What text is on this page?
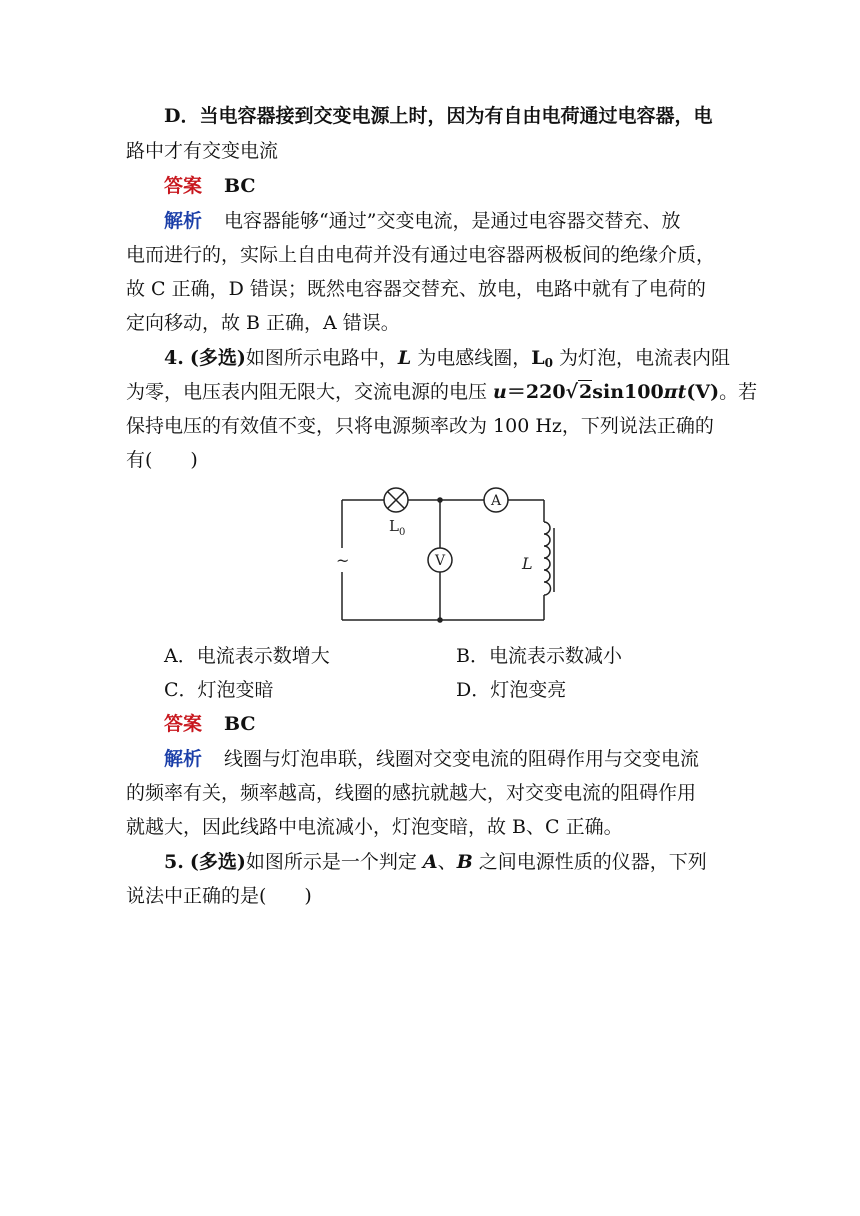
D．当电容器接到交变电源上时，因为有自由电荷通过电容器，电
路中才有交变电流
答案 BC
解析 电容器能够“通过”交变电流，是通过电容器交替充、放
电而进行的，实际上自由电荷并没有通过电容器两极板间的绝缘介质，
故 C 正确，D 错误；既然电容器交替充、放电，电路中就有了电荷的
定向移动，故 B 正确，A 错误。
4. (多选)如图所示电路中，L 为电感线圈，$L_0$ 为灯泡，电流表内阻
为零，电压表内阻无限大，交流电源的电压 u＝220√2sin100πt(V)。若
保持电压的有效值不变，只将电源频率改为 100 Hz，下列说法正确的
有(　　)
A
V
L 0
L
~
A．电流表示数增大	B．电流表示数减小
C．灯泡变暗	D．灯泡变亮
答案 BC
解析 线圈与灯泡串联，线圈对交变电流的阻碍作用与交变电流
的频率有关，频率越高，线圈的感抗就越大，对交变电流的阻碍作用
就越大，因此线路中电流减小，灯泡变暗，故 B、C 正确。
5. (多选)如图所示是一个判定 A、B 之间电源性质的仪器，下列
说法中正确的是(　　)
